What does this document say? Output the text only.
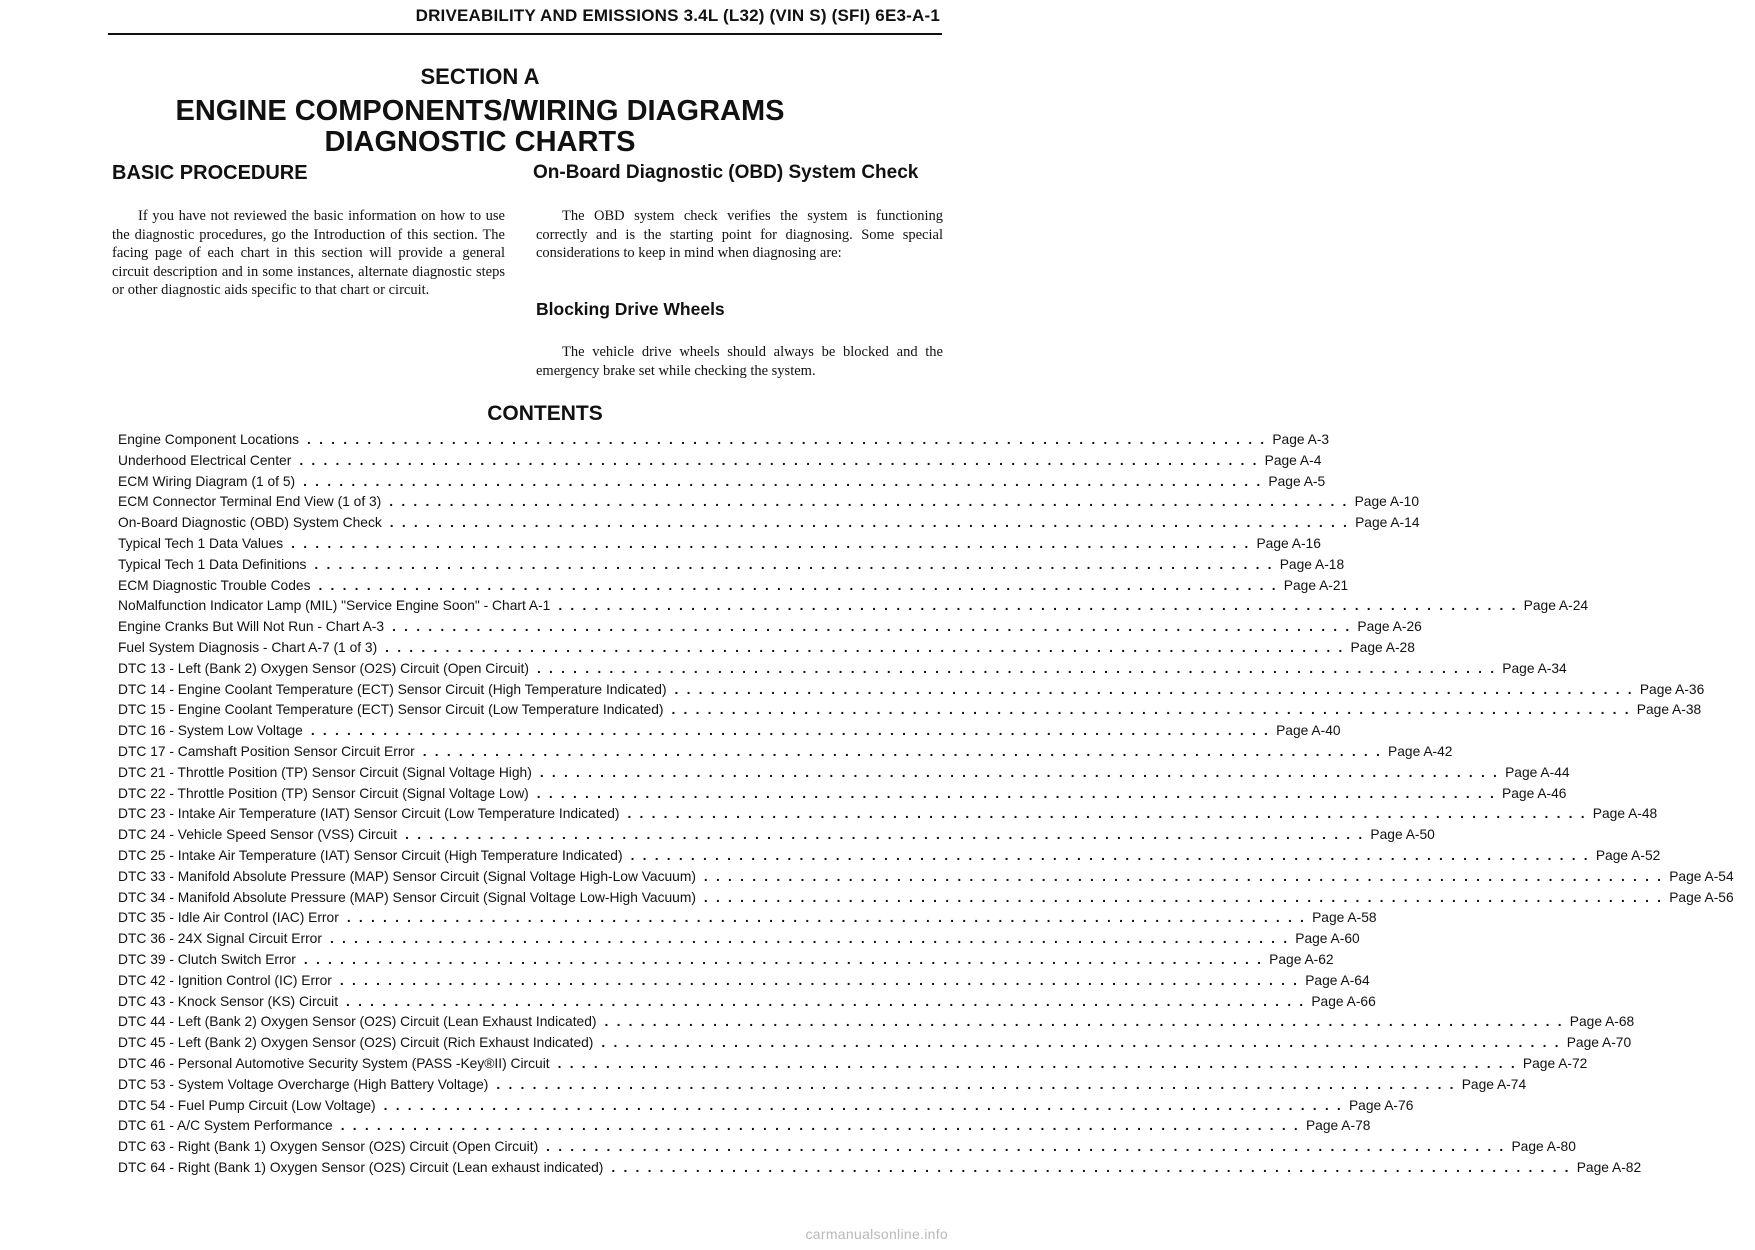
DRIVEABILITY AND EMISSIONS 3.4L (L32) (VIN S) (SFI) 6E3-A-1
SECTION A
ENGINE COMPONENTS/WIRING DIAGRAMS
DIAGNOSTIC CHARTS
BASIC PROCEDURE	On-Board Diagnostic (OBD) System Check
If you have not reviewed the basic information on how to use the diagnostic procedures, go the Introduction of this section. The facing page of each chart in this section will provide a general circuit description and in some instances, alternate diagnostic steps or other diagnostic aids specific to that chart or circuit.
The OBD system check verifies the system is functioning correctly and is the starting point for diagnosing. Some special considerations to keep in mind when diagnosing are:
Blocking Drive Wheels
The vehicle drive wheels should always be blocked and the emergency brake set while checking the system.
CONTENTS
Engine Component Locations . . . . . . . . . . . . . . . . . . . . . . . . . . . . . . . . . . . . . . . . . . . . . . . . . . . . . . . . . . . . . . . . . . . . . . . . . . . . . . . . Page A-3
Underhood Electrical Center . . . . . . . . . . . . . . . . . . . . . . . . . . . . . . . . . . . . . . . . . . . . . . . . . . . . . . . . . . . . . . . . . . . . . . . . . . . . . . . . Page A-4
ECM Wiring Diagram (1 of 5) . . . . . . . . . . . . . . . . . . . . . . . . . . . . . . . . . . . . . . . . . . . . . . . . . . . . . . . . . . . . . . . . . . . . . . . . . . . . . . . . Page A-5
ECM Connector Terminal End View (1 of 3) . . . . . . . . . . . . . . . . . . . . . . . . . . . . . . . . . . . . . . . . . . . . . . . . . . . . . . . . . . . . . . . . . . . . . . . . . . . . . . . . Page A-10
On-Board Diagnostic (OBD) System Check . . . . . . . . . . . . . . . . . . . . . . . . . . . . . . . . . . . . . . . . . . . . . . . . . . . . . . . . . . . . . . . . . . . . . . . . . . . . . . . . Page A-14
Typical Tech 1 Data Values . . . . . . . . . . . . . . . . . . . . . . . . . . . . . . . . . . . . . . . . . . . . . . . . . . . . . . . . . . . . . . . . . . . . . . . . . . . . . . . . Page A-16
Typical Tech 1 Data Definitions . . . . . . . . . . . . . . . . . . . . . . . . . . . . . . . . . . . . . . . . . . . . . . . . . . . . . . . . . . . . . . . . . . . . . . . . . . . . . . . . Page A-18
ECM Diagnostic Trouble Codes . . . . . . . . . . . . . . . . . . . . . . . . . . . . . . . . . . . . . . . . . . . . . . . . . . . . . . . . . . . . . . . . . . . . . . . . . . . . . . . . Page A-21
NoMalfunction Indicator Lamp (MIL) "Service Engine Soon" - Chart A-1 . . . . . . . . . . . . . . . . . . . . . . . . . . . . . . . . . . . . . . . . . . . . . . . . . . . . . . . . . . . . . . . . . . . . . . . . . . . . . . . . Page A-24
Engine Cranks But Will Not Run - Chart A-3 . . . . . . . . . . . . . . . . . . . . . . . . . . . . . . . . . . . . . . . . . . . . . . . . . . . . . . . . . . . . . . . . . . . . . . . . . . . . . . . . Page A-26
Fuel System Diagnosis - Chart A-7 (1 of 3) . . . . . . . . . . . . . . . . . . . . . . . . . . . . . . . . . . . . . . . . . . . . . . . . . . . . . . . . . . . . . . . . . . . . . . . . . . . . . . . . Page A-28
DTC 13 - Left (Bank 2) Oxygen Sensor (O2S) Circuit (Open Circuit) . . . . . . . . . . . . . . . . . . . . . . . . . . . . . . . . . . . . . . . . . . . . . . . . . . . . . . . . . . . . . . . . . . . . . . . . . . . . . . . . Page A-34
DTC 14 - Engine Coolant Temperature (ECT) Sensor Circuit (High Temperature Indicated) . . . . . . . . . . . . . . . . . . . . . . . . . . . . . . . . . . . . . . . . . . . . . . . . . . . . . . . . . . . . . . . . . . . . . . . . . . . . . . . . Page A-36
DTC 15 - Engine Coolant Temperature (ECT) Sensor Circuit (Low Temperature Indicated) . . . . . . . . . . . . . . . . . . . . . . . . . . . . . . . . . . . . . . . . . . . . . . . . . . . . . . . . . . . . . . . . . . . . . . . . . . . . . . . . Page A-38
DTC 16 - System Low Voltage . . . . . . . . . . . . . . . . . . . . . . . . . . . . . . . . . . . . . . . . . . . . . . . . . . . . . . . . . . . . . . . . . . . . . . . . . . . . . . . . Page A-40
DTC 17 - Camshaft Position Sensor Circuit Error . . . . . . . . . . . . . . . . . . . . . . . . . . . . . . . . . . . . . . . . . . . . . . . . . . . . . . . . . . . . . . . . . . . . . . . . . . . . . . . . Page A-42
DTC 21 - Throttle Position (TP) Sensor Circuit (Signal Voltage High) . . . . . . . . . . . . . . . . . . . . . . . . . . . . . . . . . . . . . . . . . . . . . . . . . . . . . . . . . . . . . . . . . . . . . . . . . . . . . . . . Page A-44
DTC 22 - Throttle Position (TP) Sensor Circuit (Signal Voltage Low) . . . . . . . . . . . . . . . . . . . . . . . . . . . . . . . . . . . . . . . . . . . . . . . . . . . . . . . . . . . . . . . . . . . . . . . . . . . . . . . . Page A-46
DTC 23 - Intake Air Temperature (IAT) Sensor Circuit (Low Temperature Indicated) . . . . . . . . . . . . . . . . . . . . . . . . . . . . . . . . . . . . . . . . . . . . . . . . . . . . . . . . . . . . . . . . . . . . . . . . . . . . . . . . Page A-48
DTC 24 - Vehicle Speed Sensor (VSS) Circuit . . . . . . . . . . . . . . . . . . . . . . . . . . . . . . . . . . . . . . . . . . . . . . . . . . . . . . . . . . . . . . . . . . . . . . . . . . . . . . . . Page A-50
DTC 25 - Intake Air Temperature (IAT) Sensor Circuit (High Temperature Indicated) . . . . . . . . . . . . . . . . . . . . . . . . . . . . . . . . . . . . . . . . . . . . . . . . . . . . . . . . . . . . . . . . . . . . . . . . . . . . . . . . Page A-52
DTC 33 - Manifold Absolute Pressure (MAP) Sensor Circuit (Signal Voltage High-Low Vacuum) . . . . . . . . . . . . . . . . . . . . . . . . . . . . . . . . . . . . . . . . . . . . . . . . . . . . . . . . . . . . . . . . . . . . . . . . . . . . . . . . Page A-54
DTC 34 - Manifold Absolute Pressure (MAP) Sensor Circuit (Signal Voltage Low-High Vacuum) . . . . . . . . . . . . . . . . . . . . . . . . . . . . . . . . . . . . . . . . . . . . . . . . . . . . . . . . . . . . . . . . . . . . . . . . . . . . . . . . Page A-56
DTC 35 - Idle Air Control (IAC) Error . . . . . . . . . . . . . . . . . . . . . . . . . . . . . . . . . . . . . . . . . . . . . . . . . . . . . . . . . . . . . . . . . . . . . . . . . . . . . . . . Page A-58
DTC 36 - 24X Signal Circuit Error . . . . . . . . . . . . . . . . . . . . . . . . . . . . . . . . . . . . . . . . . . . . . . . . . . . . . . . . . . . . . . . . . . . . . . . . . . . . . . . . Page A-60
DTC 39 - Clutch Switch Error . . . . . . . . . . . . . . . . . . . . . . . . . . . . . . . . . . . . . . . . . . . . . . . . . . . . . . . . . . . . . . . . . . . . . . . . . . . . . . . . Page A-62
DTC 42 - Ignition Control (IC) Error . . . . . . . . . . . . . . . . . . . . . . . . . . . . . . . . . . . . . . . . . . . . . . . . . . . . . . . . . . . . . . . . . . . . . . . . . . . . . . . . Page A-64
DTC 43 - Knock Sensor (KS) Circuit . . . . . . . . . . . . . . . . . . . . . . . . . . . . . . . . . . . . . . . . . . . . . . . . . . . . . . . . . . . . . . . . . . . . . . . . . . . . . . . . Page A-66
DTC 44 - Left (Bank 2) Oxygen Sensor (O2S) Circuit (Lean Exhaust Indicated) . . . . . . . . . . . . . . . . . . . . . . . . . . . . . . . . . . . . . . . . . . . . . . . . . . . . . . . . . . . . . . . . . . . . . . . . . . . . . . . . Page A-68
DTC 45 - Left (Bank 2) Oxygen Sensor (O2S) Circuit (Rich Exhaust Indicated) . . . . . . . . . . . . . . . . . . . . . . . . . . . . . . . . . . . . . . . . . . . . . . . . . . . . . . . . . . . . . . . . . . . . . . . . . . . . . . . . Page A-70
DTC 46 - Personal Automotive Security System (PASS -Key®II) Circuit . . . . . . . . . . . . . . . . . . . . . . . . . . . . . . . . . . . . . . . . . . . . . . . . . . . . . . . . . . . . . . . . . . . . . . . . . . . . . . . . Page A-72
DTC 53 - System Voltage Overcharge (High Battery Voltage) . . . . . . . . . . . . . . . . . . . . . . . . . . . . . . . . . . . . . . . . . . . . . . . . . . . . . . . . . . . . . . . . . . . . . . . . . . . . . . . . Page A-74
DTC 54 - Fuel Pump Circuit (Low Voltage) . . . . . . . . . . . . . . . . . . . . . . . . . . . . . . . . . . . . . . . . . . . . . . . . . . . . . . . . . . . . . . . . . . . . . . . . . . . . . . . . Page A-76
DTC 61 - A/C System Performance . . . . . . . . . . . . . . . . . . . . . . . . . . . . . . . . . . . . . . . . . . . . . . . . . . . . . . . . . . . . . . . . . . . . . . . . . . . . . . . . Page A-78
DTC 63 - Right (Bank 1) Oxygen Sensor (O2S) Circuit (Open Circuit) . . . . . . . . . . . . . . . . . . . . . . . . . . . . . . . . . . . . . . . . . . . . . . . . . . . . . . . . . . . . . . . . . . . . . . . . . . . . . . . . Page A-80
DTC 64 - Right (Bank 1) Oxygen Sensor (O2S) Circuit (Lean exhaust indicated) . . . . . . . . . . . . . . . . . . . . . . . . . . . . . . . . . . . . . . . . . . . . . . . . . . . . . . . . . . . . . . . . . . . . . . . . . . . . . . . . Page A-82
carmanualsonline.info
